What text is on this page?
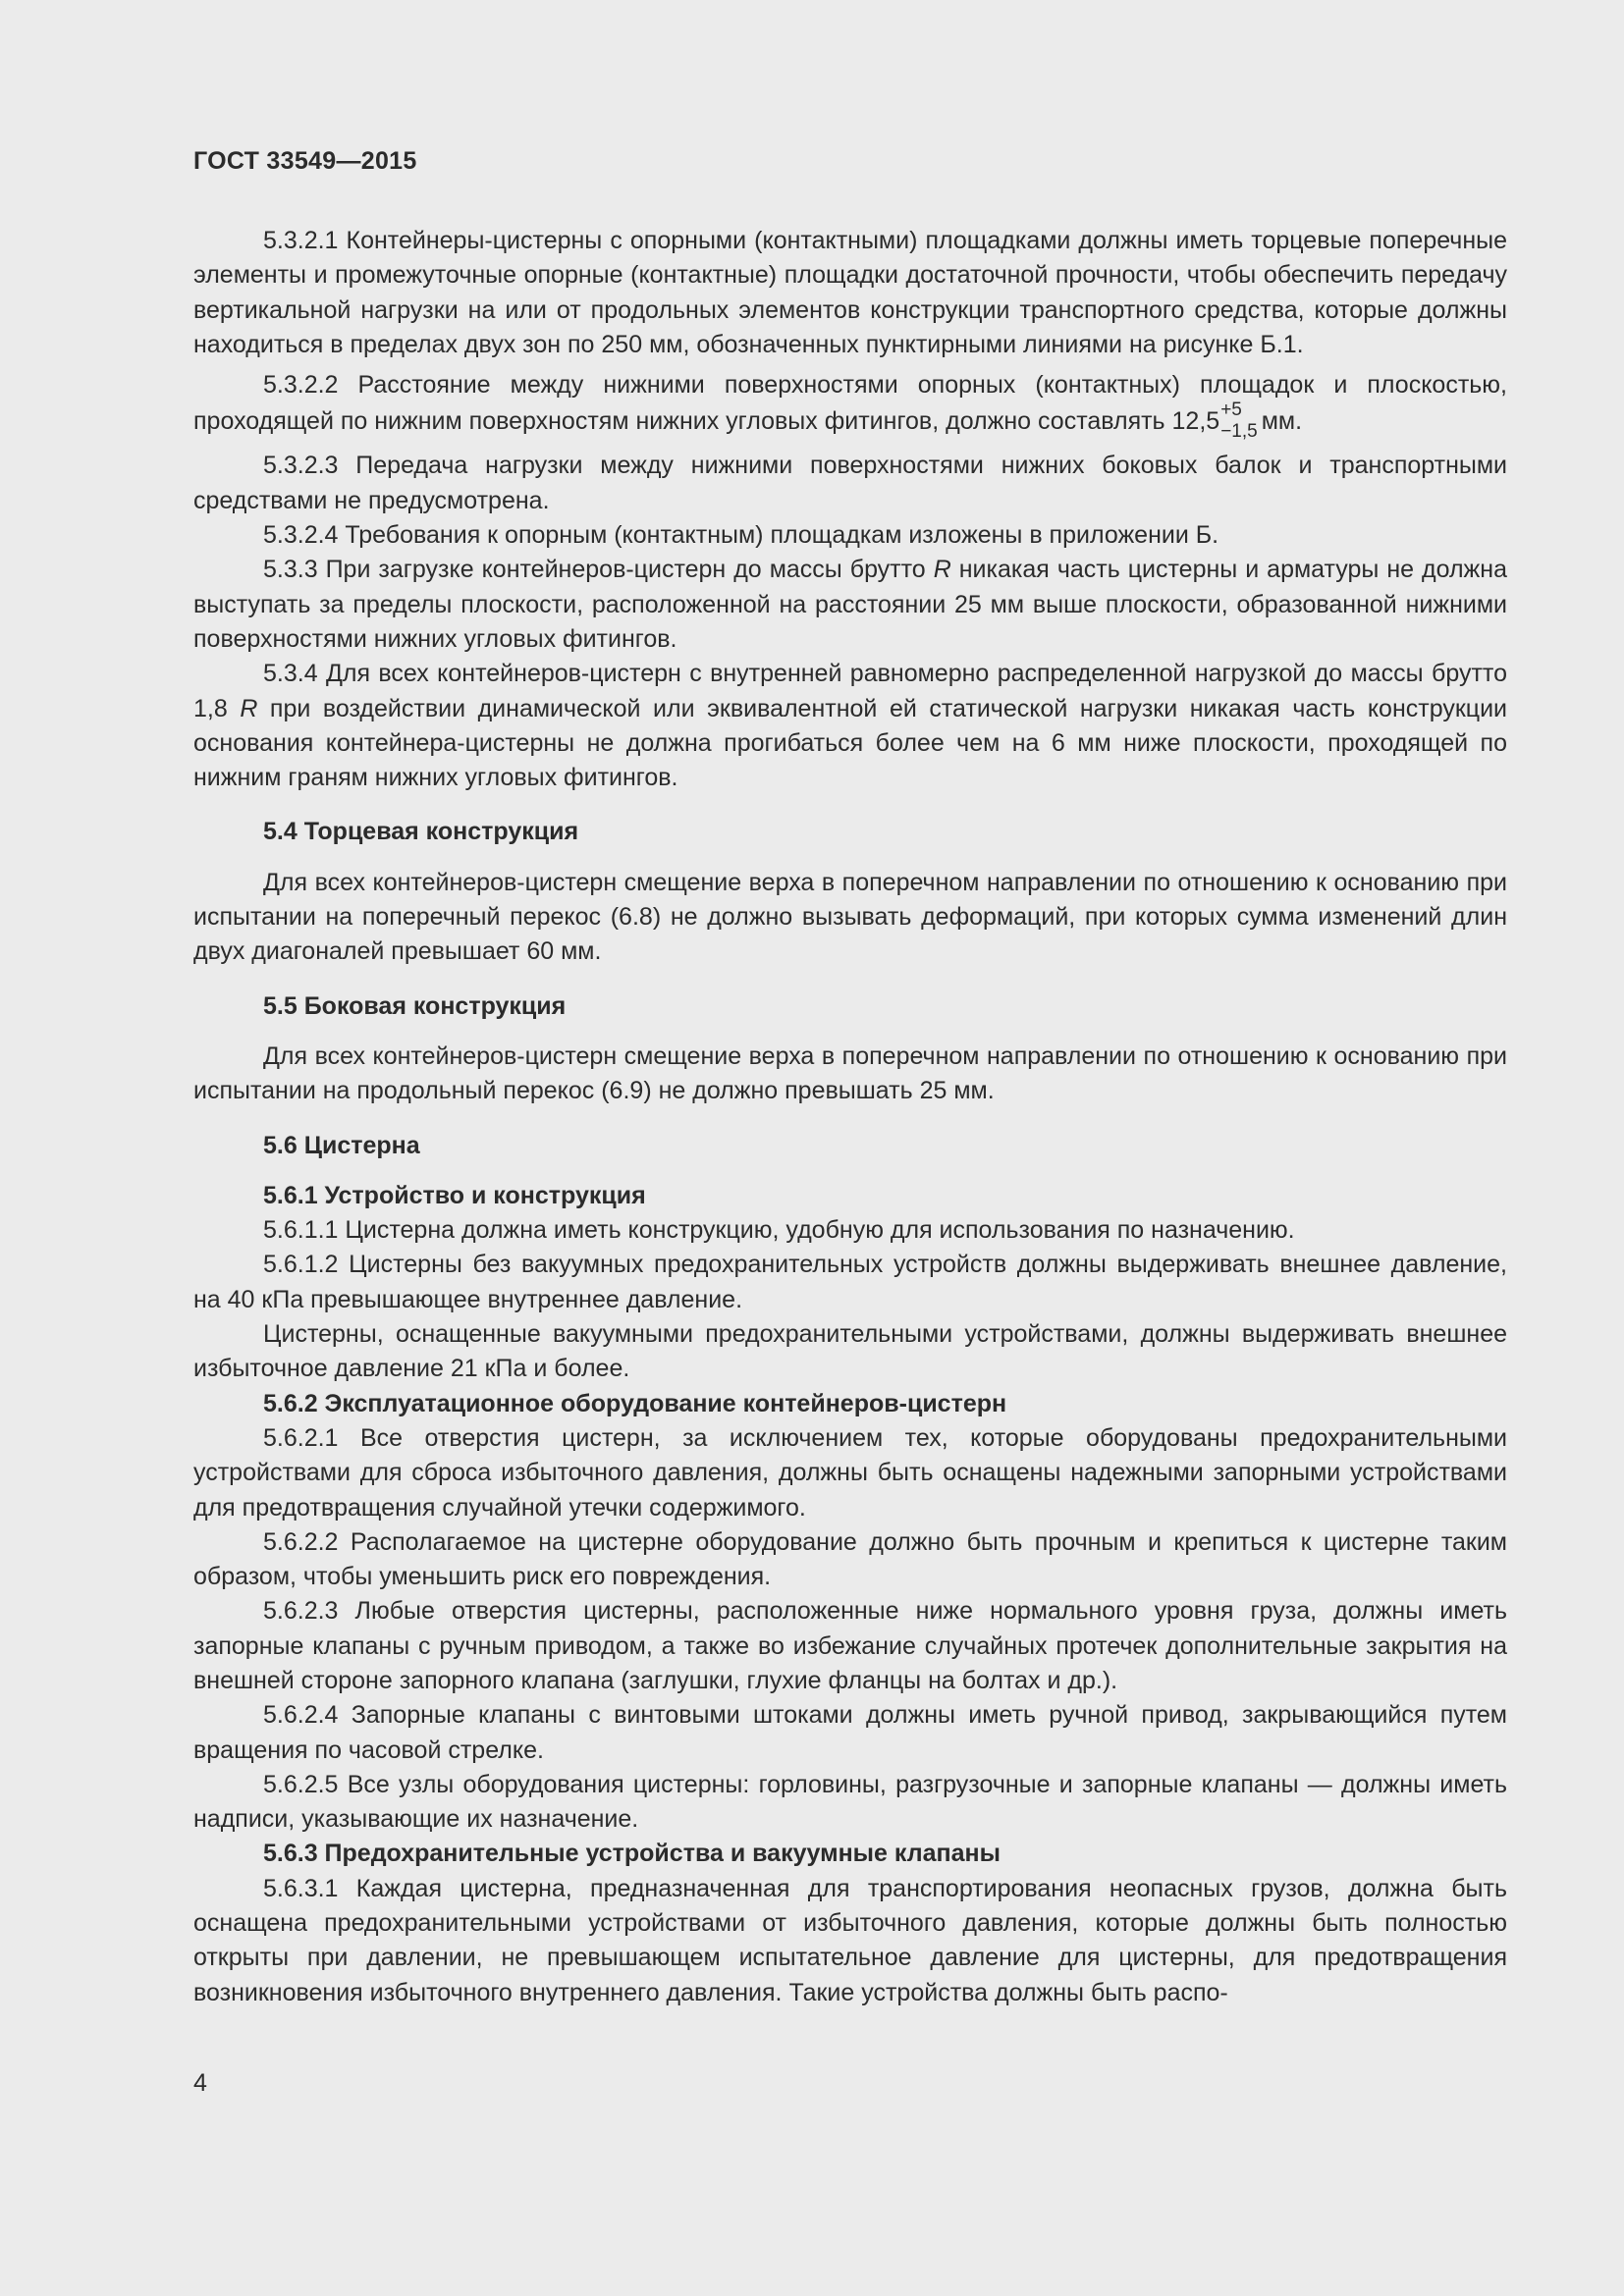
ГОСТ 33549—2015

5.3.2.1 Контейнеры-цистерны с опорными (контактными) площадками должны иметь торцевые поперечные элементы и промежуточные опорные (контактные) площадки достаточной прочности, чтобы обеспечить передачу вертикальной нагрузки на или от продольных элементов конструкции транспортного средства, которые должны находиться в пределах двух зон по 250 мм, обозначенных пунктирными линиями на рисунке Б.1.

5.3.2.2 Расстояние между нижними поверхностями опорных (контактных) площадок и плоскостью, проходящей по нижним поверхностям нижних угловых фитингов, должно составлять 12,5 +5
−1,5 мм.

5.3.2.3 Передача нагрузки между нижними поверхностями нижних боковых балок и транспортными средствами не предусмотрена.

5.3.2.4 Требования к опорным (контактным) площадкам изложены в приложении Б.

5.3.3 При загрузке контейнеров-цистерн до массы брутто R никакая часть цистерны и арматуры не должна выступать за пределы плоскости, расположенной на расстоянии 25 мм выше плоскости, образованной нижними поверхностями нижних угловых фитингов.

5.3.4 Для всех контейнеров-цистерн с внутренней равномерно распределенной нагрузкой до массы брутто 1,8 R при воздействии динамической или эквивалентной ей статической нагрузки никакая часть конструкции основания контейнера-цистерны не должна прогибаться более чем на 6 мм ниже плоскости, проходящей по нижним граням нижних угловых фитингов.

5.4 Торцевая конструкция

Для всех контейнеров-цистерн смещение верха в поперечном направлении по отношению к основанию при испытании на поперечный перекос (6.8) не должно вызывать деформаций, при которых сумма изменений длин двух диагоналей превышает 60 мм.

5.5 Боковая конструкция

Для всех контейнеров-цистерн смещение верха в поперечном направлении по отношению к основанию при испытании на продольный перекос (6.9) не должно превышать 25 мм.

5.6 Цистерна

5.6.1 Устройство и конструкция

5.6.1.1 Цистерна должна иметь конструкцию, удобную для использования по назначению.

5.6.1.2 Цистерны без вакуумных предохранительных устройств должны выдерживать внешнее давление, на 40 кПа превышающее внутреннее давление.

Цистерны, оснащенные вакуумными предохранительными устройствами, должны выдерживать внешнее избыточное давление 21 кПа и более.

5.6.2 Эксплуатационное оборудование контейнеров-цистерн

5.6.2.1 Все отверстия цистерн, за исключением тех, которые оборудованы предохранительными устройствами для сброса избыточного давления, должны быть оснащены надежными запорными устройствами для предотвращения случайной утечки содержимого.

5.6.2.2 Располагаемое на цистерне оборудование должно быть прочным и крепиться к цистерне таким образом, чтобы уменьшить риск его повреждения.

5.6.2.3 Любые отверстия цистерны, расположенные ниже нормального уровня груза, должны иметь запорные клапаны с ручным приводом, а также во избежание случайных протечек дополнительные закрытия на внешней стороне запорного клапана (заглушки, глухие фланцы на болтах и др.).

5.6.2.4 Запорные клапаны с винтовыми штоками должны иметь ручной привод, закрывающийся путем вращения по часовой стрелке.

5.6.2.5 Все узлы оборудования цистерны: горловины, разгрузочные и запорные клапаны — должны иметь надписи, указывающие их назначение.

5.6.3 Предохранительные устройства и вакуумные клапаны

5.6.3.1 Каждая цистерна, предназначенная для транспортирования неопасных грузов, должна быть оснащена предохранительными устройствами от избыточного давления, которые должны быть полностью открыты при давлении, не превышающем испытательное давление для цистерны, для предотвращения возникновения избыточного внутреннего давления. Такие устройства должны быть распо-

4
